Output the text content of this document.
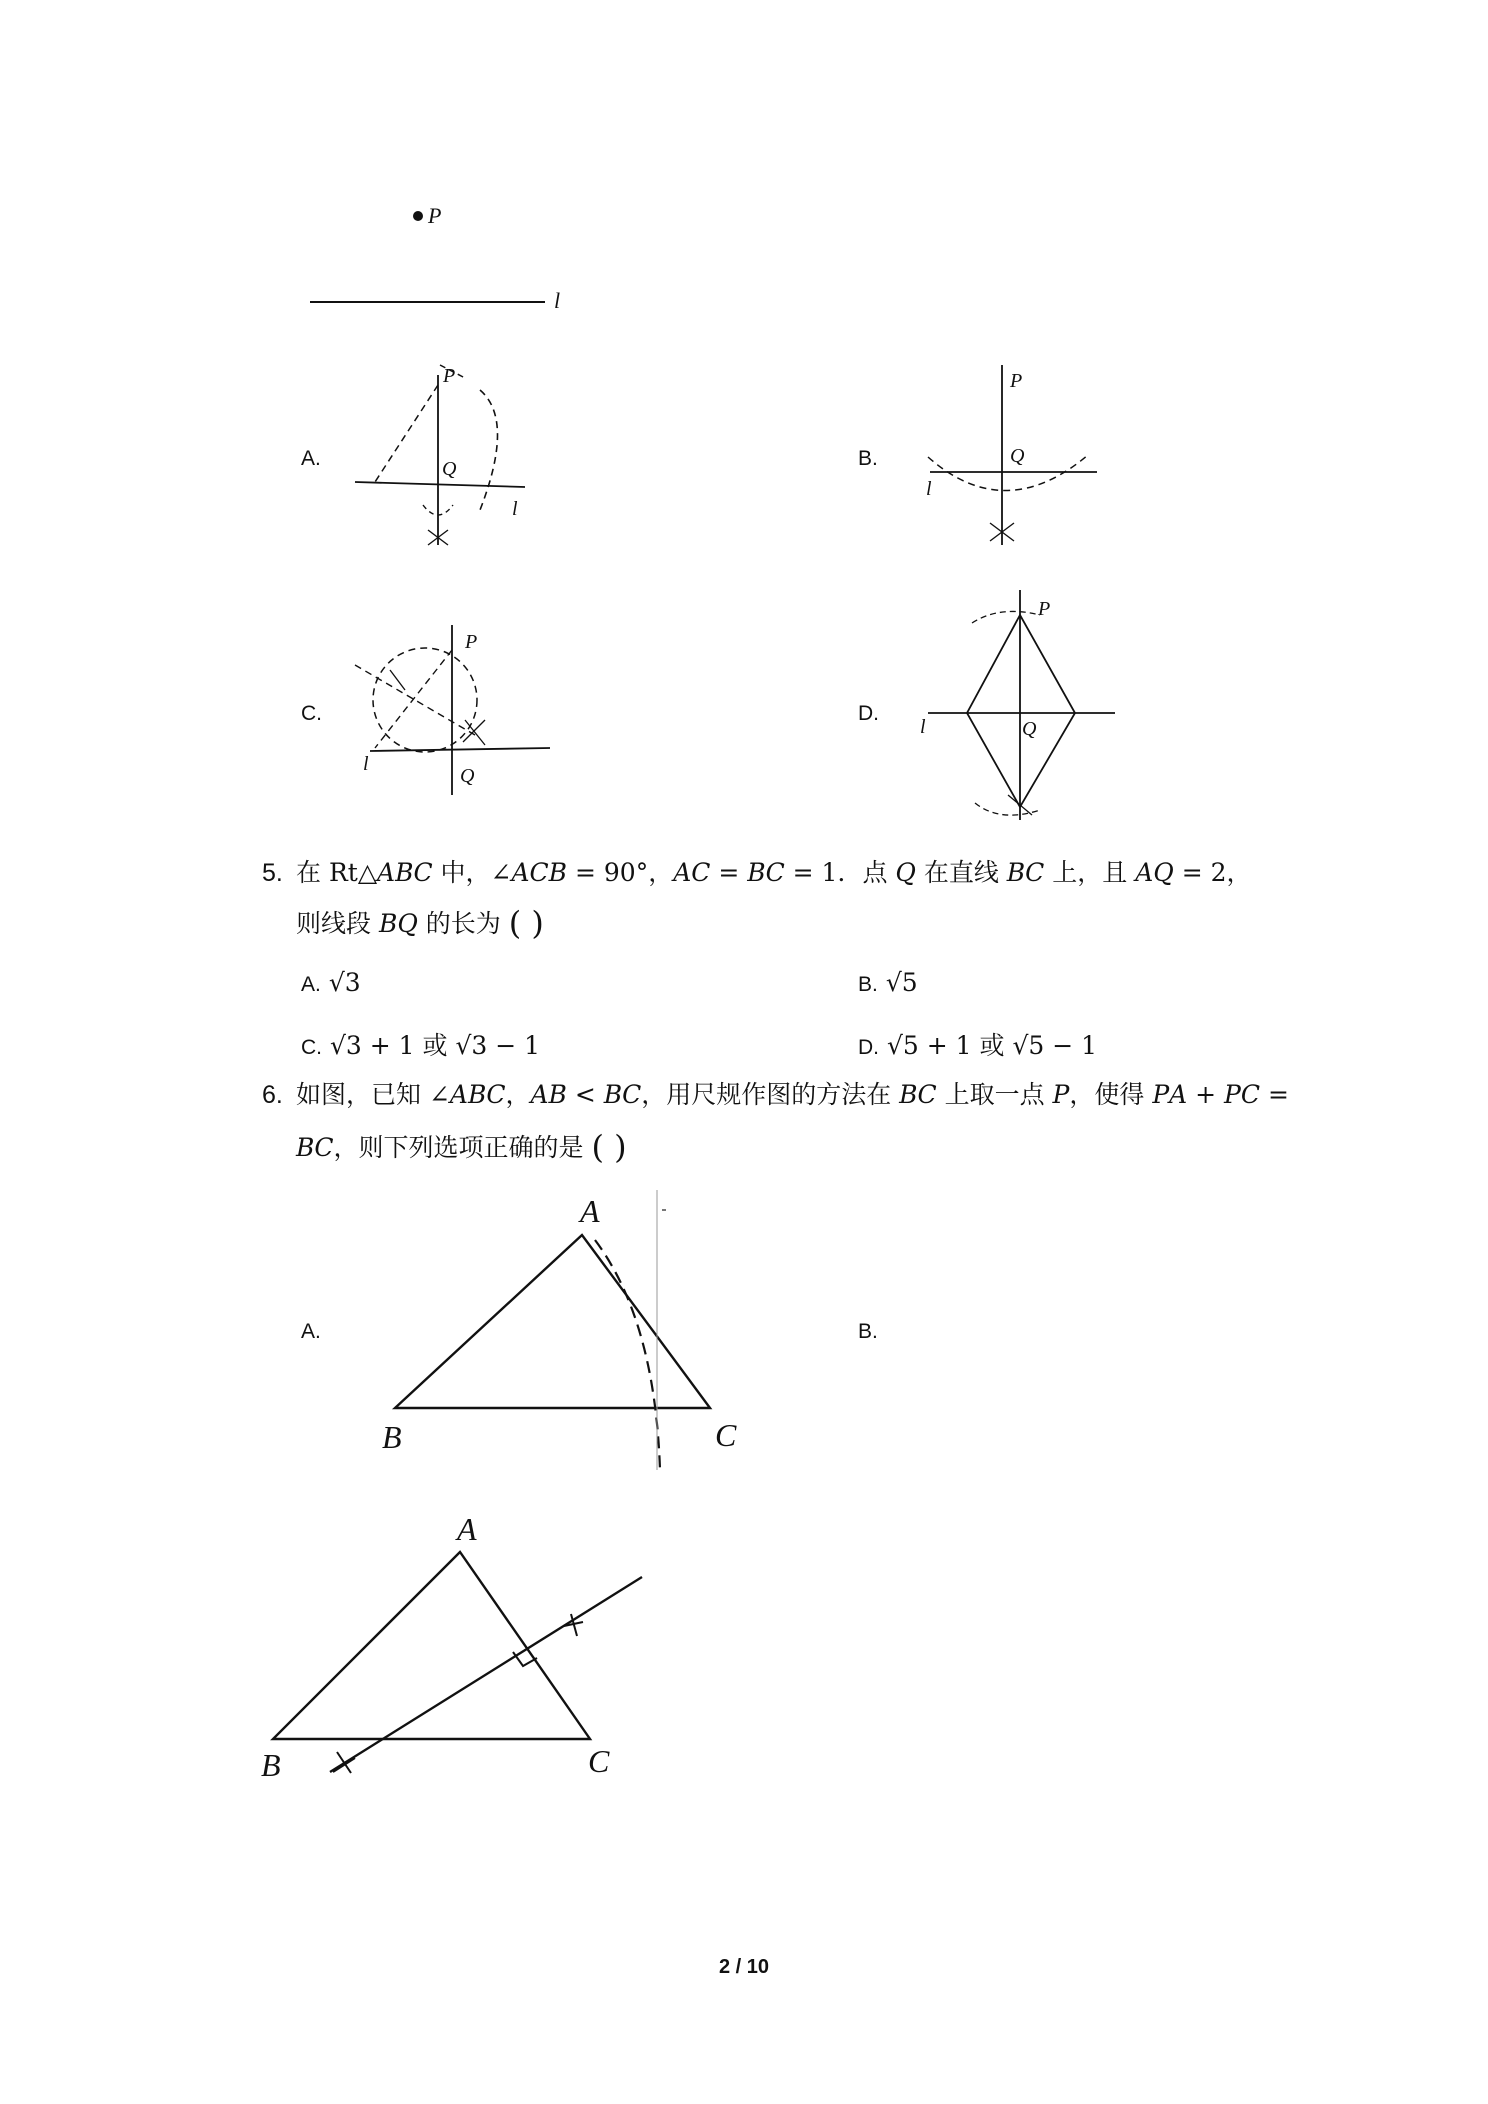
P
l
A.
P
Q
l
B.
P
Q
l
C.
P
Q
l
D.
P
Q
l
5. 在 Rt△𝐴𝐵𝐶 中，∠𝐴𝐶𝐵 = 90°，𝐴𝐶 = 𝐵𝐶 = 1．点 𝑄 在直线 𝐵𝐶 上，且 𝐴𝑄 = 2，
则线段 𝐵𝑄 的长为 ( )
A. √3	B. √5
C. √3 + 1 或 √3 − 1	D. √5 + 1 或 √5 − 1
6. 如图，已知 ∠𝐴𝐵𝐶，𝐴𝐵 < 𝐵𝐶，用尺规作图的方法在 𝐵𝐶 上取一点 𝑃，使得 𝑃𝐴 + 𝑃𝐶 =
𝐵𝐶，则下列选项正确的是 ( )
A.
A
B	C
B.
A
B	C
2 / 10
